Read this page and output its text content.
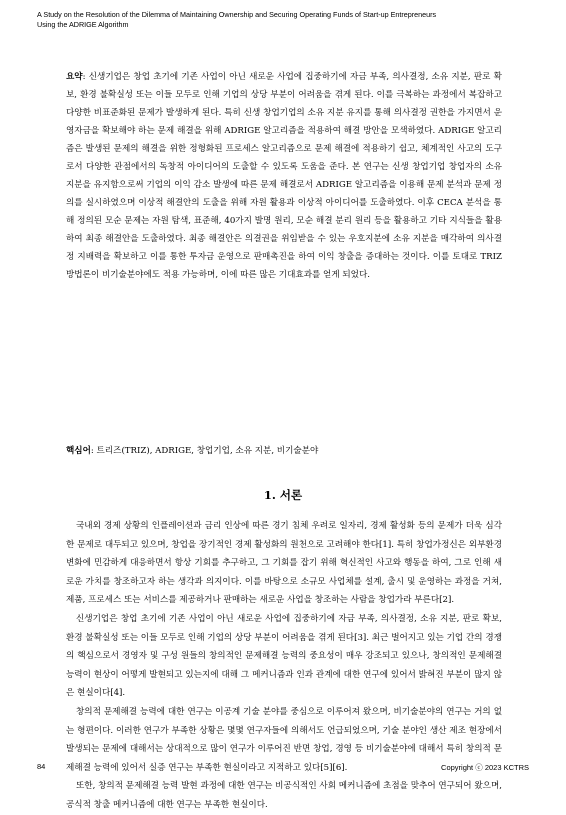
A Study on the Resolution of the Dilemma of Maintaining Ownership and Securing Operating Funds of Start-up Entrepreneurs
Using the ADRIGE Algorithm

요약: 신생기업은 창업 초기에 기존 사업이 아닌 새로운 사업에 집중하기에 자금 부족, 의사결정, 소유 지분, 판로 확보, 환경 불확실성 또는 이들 모두로 인해 기업의 상당 부분이 어려움을 겪게 된다. 이를 극복하는 과정에서 복잡하고 다양한 비표준화된 문제가 발생하게 된다. 특히 신생 창업기업의 소유 지분 유지를 통해 의사결정 권한을 가지면서 운영자금을 확보해야 하는 문제 해결을 위해 ADRIGE 알고리즘을 적용하여 해결 방안을 모색하였다. ADRIGE 알고리즘은 발생된 문제의 해결을 위한 정형화된 프로세스 알고리즘으로 문제 해결에 적용하기 쉽고, 체계적인 사고의 도구로서 다양한 관점에서의 독창적 아이디어의 도출할 수 있도록 도움을 준다. 본 연구는 신생 창업기업 창업자의 소유 지분을 유지함으로써 기업의 이익 감소 발생에 따른 문제 해결로서 ADRIGE 알고리즘을 이용해 문제 분석과 문제 정의를 실시하였으며 이상적 해결안의 도출을 위해 자원 활용과 이상적 아이디어를 도출하였다. 이후 CECA 분석을 통해 정의된 모순 문제는 자원 탐색, 표준해, 40가지 발명 원리, 모순 해결 분리 원리 등을 활용하고 기타 지식들을 활용하여 최종 해결안을 도출하였다. 최종 해결안은 의결권을 위임받을 수 있는 우호지분에 소유 지분을 매각하여 의사결정 지배력을 확보하고 이를 통한 투자금 운영으로 판매촉진을 하여 이익 창출을 증대하는 것이다. 이를 토대로 TRIZ 방법론이 비기술분야에도 적용 가능하며, 이에 따른 많은 기대효과를 얻게 되었다.

핵심어: 트리즈(TRIZ), ADRIGE, 창업기업, 소유 지분, 비기술분야

1. 서론

국내외 경제 상황의 인플레이션과 금리 인상에 따른 경기 침체 우려로 일자리, 경제 활성화 등의 문제가 더욱 심각한 문제로 대두되고 있으며, 창업을 장기적인 경제 활성화의 원천으로 고려해야 한다[1]. 특히 창업가정신은 외부환경 변화에 민감하게 대응하면서 항상 기회를 추구하고, 그 기회를 잡기 위해 혁신적인 사고와 행동을 하여, 그로 인해 새로운 가치를 창조하고자 하는 생각과 의지이다. 이를 바탕으로 소규모 사업체를 설계, 출시 및 운영하는 과정을 거쳐, 제품, 프로세스 또는 서비스를 제공하거나 판매하는 새로운 사업을 창조하는 사람을 창업가라 부른다[2].

신생기업은 창업 초기에 기존 사업이 아닌 새로운 사업에 집중하기에 자금 부족, 의사결정, 소유 지분, 판로 확보, 환경 불확실성 또는 이들 모두로 인해 기업의 상당 부분이 어려움을 겪게 된다[3]. 최근 벌어지고 있는 기업 간의 경쟁의 핵심으로서 경영자 및 구성 원들의 창의적인 문제해결 능력의 중요성이 매우 강조되고 있으나, 창의적인 문제해결 능력이 현상이 어떻게 발현되고 있는지에 대해 그 메커니즘과 인과 관계에 대한 연구에 있어서 밝혀진 부분이 많지 않은 현실이다[4].

창의적 문제해결 능력에 대한 연구는 이공계 기술 분야를 중심으로 이루어져 왔으며, 비기술분야의 연구는 거의 없는 형편이다. 이러한 연구가 부족한 상황은 몇몇 연구자들에 의해서도 언급되었으며, 기술 분야인 생산 제조 현장에서 발생되는 문제에 대해서는 상대적으로 많이 연구가 이루어진 반면 창업, 경영 등 비기술분야에 대해서 특히 창의적 문제해결 능력에 있어서 실증 연구는 부족한 현실이라고 지적하고 있다[5][6].

또한, 창의적 문제해결 능력 발현 과정에 대한 연구는 비공식적인 사회 메커니즘에 초점을 맞추어 연구되어 왔으며, 공식적 창출 메커니즘에 대한 연구는 부족한 현실이다.

84	Copyright ⓒ 2023 KCTRS
